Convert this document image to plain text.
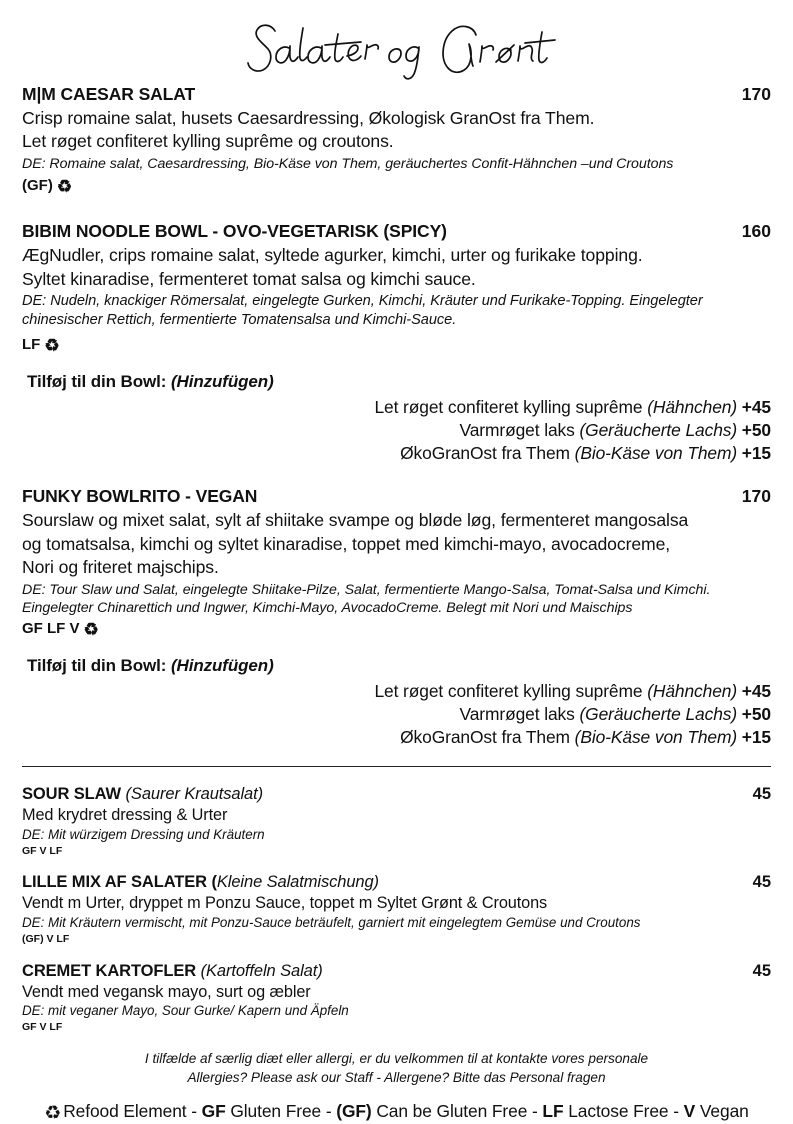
M|M CAESAR SALAT	170
Crisp romaine salat, husets Caesardressing, Økologisk GranOst fra Them.
Let røget confiteret kylling suprême og croutons.
DE: Romaine salat, Caesardressing, Bio-Käse von Them, geräuchertes Confit-Hähnchen –und Croutons
(GF) ♻
BIBIM NOODLE BOWL - OVO-VEGETARISK (SPICY)	160
ÆgNudler, crips romaine salat, syltede agurker, kimchi, urter og furikake topping.
Syltet kinaradise, fermenteret tomat salsa og kimchi sauce.
DE: Nudeln, knackiger Römersalat, eingelegte Gurken, Kimchi, Kräuter und Furikake-Topping. Eingelegter chinesischer Rettich, fermentierte Tomatensalsa und Kimchi-Sauce.
LF ♻
Tilføj til din Bowl: (Hinzufügen)
Let røget confiteret kylling suprême (Hähnchen) +45
Varmrøget laks (Geräucherte Lachs) +50
ØkoGranOst fra Them (Bio-Käse von Them) +15
FUNKY BOWLRITO - VEGAN	170
Sourslaw og mixet salat, sylt af shiitake svampe og bløde løg, fermenteret mangosalsa
og tomatsalsa, kimchi og syltet kinaradise, toppet med kimchi-mayo, avocadocreme,
Nori og friteret majschips.
DE: Tour Slaw und Salat, eingelegte Shiitake-Pilze, Salat, fermentierte Mango-Salsa, Tomat-Salsa und Kimchi. Eingelegter Chinarettich und Ingwer, Kimchi-Mayo, AvocadoCreme. Belegt mit Nori und Maischips
GF LF V ♻
Tilføj til din Bowl: (Hinzufügen)
Let røget confiteret kylling suprême (Hähnchen) +45
Varmrøget laks (Geräucherte Lachs) +50
ØkoGranOst fra Them (Bio-Käse von Them) +15
SOUR SLAW (Saurer Krautsalat)	45
Med krydret dressing & Urter
DE: Mit würzigem Dressing und Kräutern
GF V LF
LILLE MIX AF SALATER (Kleine Salatmischung)	45
Vendt m Urter, dryppet m Ponzu Sauce, toppet m Syltet Grønt & Croutons
DE: Mit Kräutern vermischt, mit Ponzu-Sauce beträufelt, garniert mit eingelegtem Gemüse und Croutons
(GF) V LF
CREMET KARTOFLER (Kartoffeln Salat)	45
Vendt med vegansk mayo, surt og æbler
DE: mit veganer Mayo, Sour Gurke/ Kapern und Äpfeln
GF V LF
I tilfælde af særlig diæt eller allergi, er du velkommen til at kontakte vores personale
Allergies? Please ask our Staff - Allergene? Bitte das Personal fragen
♻ Refood Element - GF Gluten Free - (GF) Can be Gluten Free - LF Lactose Free - V Vegan
